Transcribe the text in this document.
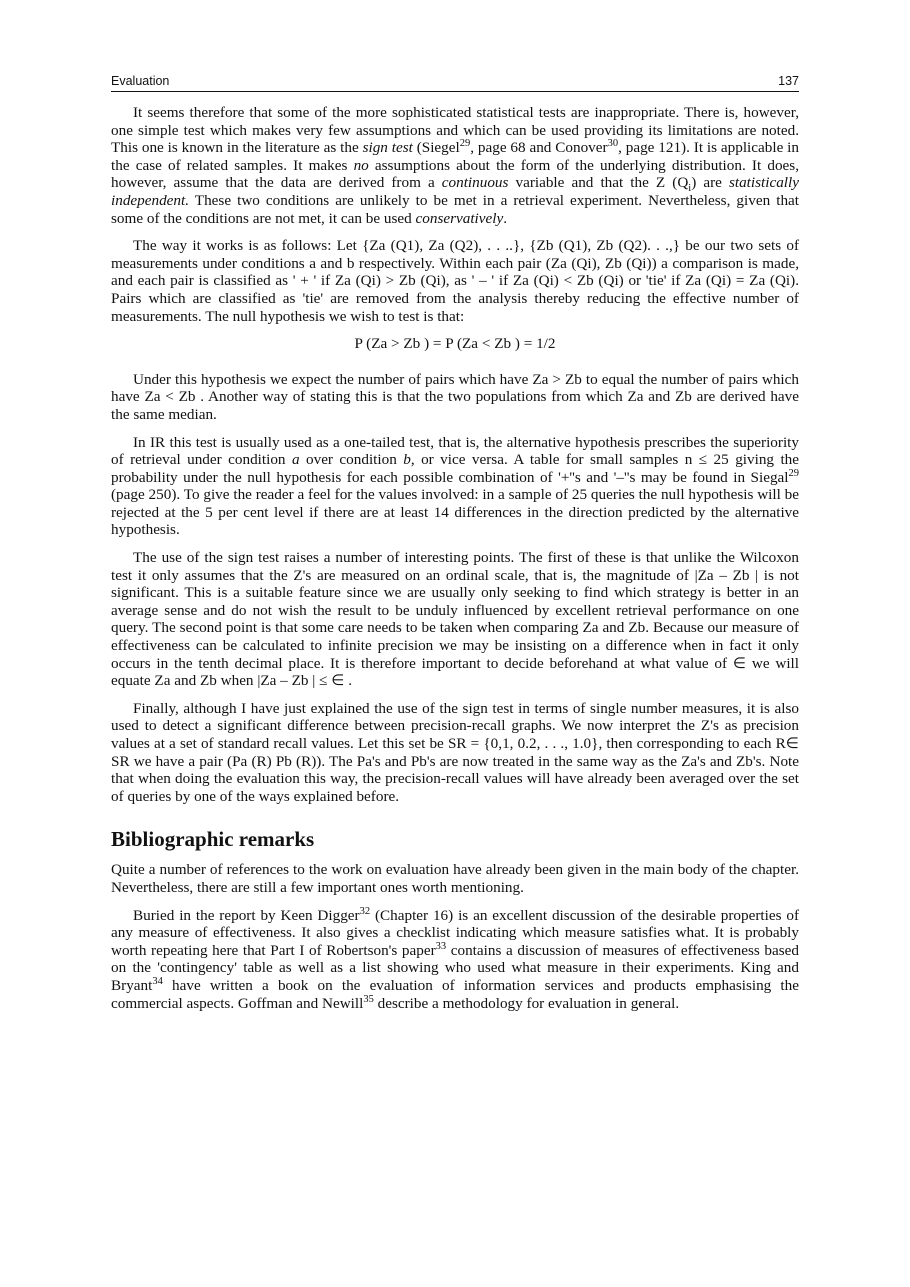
Evaluation	137

It seems therefore that some of the more sophisticated statistical tests are inappropriate. There is, however, one simple test which makes very few assumptions and which can be used providing its limitations are noted. This one is known in the literature as the sign test (Siegel$^{29}$, page 68 and Conover$^{30}$, page 121). It is applicable in the case of related samples. It makes no assumptions about the form of the underlying distribution. It does, however, assume that the data are derived from a continuous variable and that the Z $(Q_i)$ are statistically independent. These two conditions are unlikely to be met in a retrieval experiment. Nevertheless, given that some of the conditions are not met, it can be used conservatively.

The way it works is as follows: Let {Za (Q1), Za (Q2), . . ..}, {Zb (Q1), Zb (Q2). . .,} be our two sets of measurements under conditions a and b respectively. Within each pair (Za (Qi), Zb (Qi)) a comparison is made, and each pair is classified as ' + ' if Za (Qi) > Zb (Qi), as ' – ' if Za (Qi) < Zb (Qi) or 'tie' if Za (Qi) = Za (Qi). Pairs which are classified as 'tie' are removed from the analysis thereby reducing the effective number of measurements. The null hypothesis we wish to test is that:

P (Za > Zb ) = P (Za < Zb ) = 1/2

Under this hypothesis we expect the number of pairs which have Za > Zb to equal the number of pairs which have Za < Zb . Another way of stating this is that the two populations from which Za and Zb are derived have the same median.

In IR this test is usually used as a one-tailed test, that is, the alternative hypothesis prescribes the superiority of retrieval under condition a over condition b, or vice versa. A table for small samples n ≤ 25 giving the probability under the null hypothesis for each possible combination of '+''s and '–''s may be found in Siegal$^{29}$ (page 250). To give the reader a feel for the values involved: in a sample of 25 queries the null hypothesis will be rejected at the 5 per cent level if there are at least 14 differences in the direction predicted by the alternative hypothesis.

The use of the sign test raises a number of interesting points. The first of these is that unlike the Wilcoxon test it only assumes that the Z's are measured on an ordinal scale, that is, the magnitude of |Za – Zb | is not significant. This is a suitable feature since we are usually only seeking to find which strategy is better in an average sense and do not wish the result to be unduly influenced by excellent retrieval performance on one query. The second point is that some care needs to be taken when comparing Za and Zb. Because our measure of effectiveness can be calculated to infinite precision we may be insisting on a difference when in fact it only occurs in the tenth decimal place. It is therefore important to decide beforehand at what value of ∈ we will equate Za and Zb when |Za – Zb | ≤ ∈ .

Finally, although I have just explained the use of the sign test in terms of single number measures, it is also used to detect a significant difference between precision-recall graphs. We now interpret the Z's as precision values at a set of standard recall values. Let this set be SR = {0,1, 0.2, . . ., 1.0}, then corresponding to each R∈ SR we have a pair (Pa (R) Pb (R)). The Pa's and Pb's are now treated in the same way as the Za's and Zb's. Note that when doing the evaluation this way, the precision-recall values will have already been averaged over the set of queries by one of the ways explained before.

Bibliographic remarks

Quite a number of references to the work on evaluation have already been given in the main body of the chapter. Nevertheless, there are still a few important ones worth mentioning.

Buried in the report by Keen Digger$^{32}$ (Chapter 16) is an excellent discussion of the desirable properties of any measure of effectiveness. It also gives a checklist indicating which measure satisfies what. It is probably worth repeating here that Part I of Robertson's paper$^{33}$ contains a discussion of measures of effectiveness based on the 'contingency' table as well as a list showing who used what measure in their experiments. King and Bryant$^{34}$ have written a book on the evaluation of information services and products emphasising the commercial aspects. Goffman and Newill$^{35}$ describe a methodology for evaluation in general.
